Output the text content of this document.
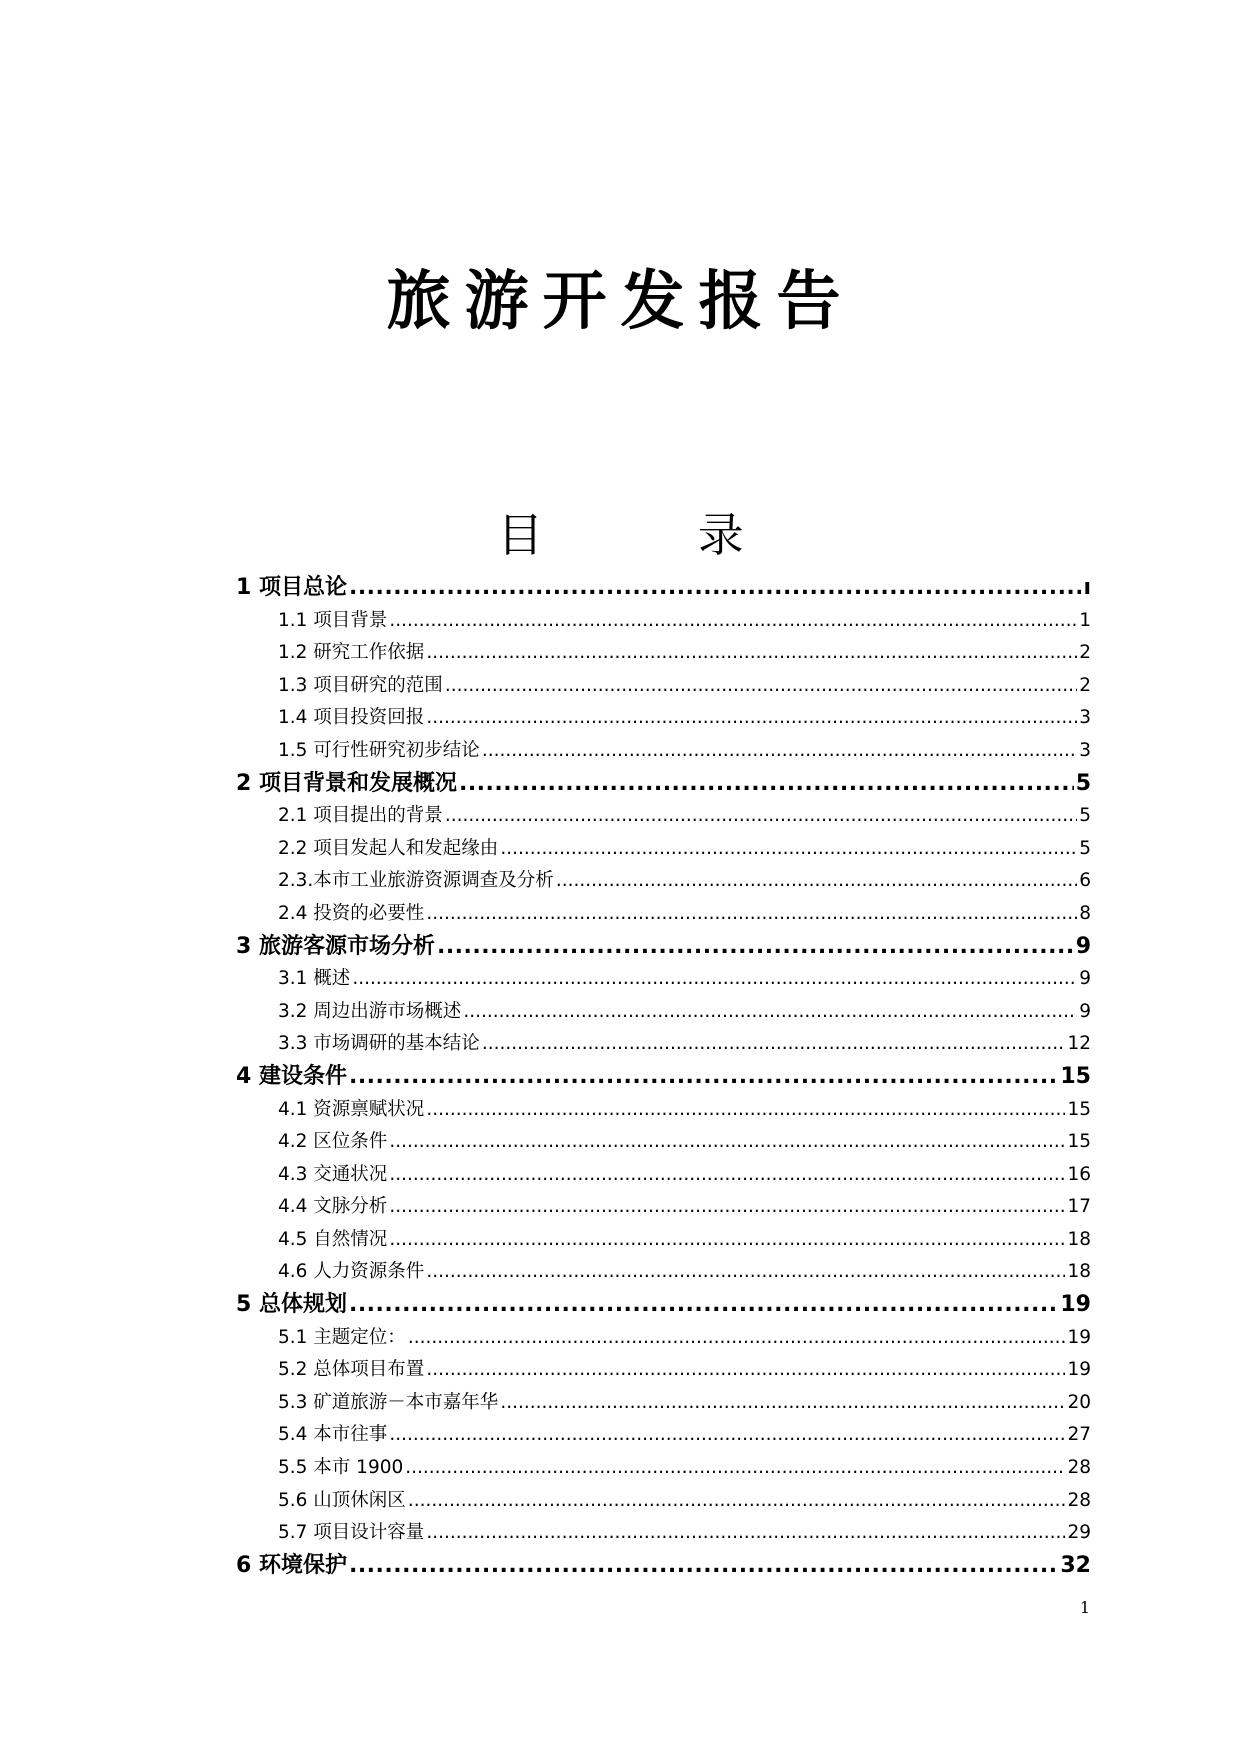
旅游开发报告
目 录
1 项目总论 .....	ı
1.1 项目背景 .....	1
1.2 研究工作依据 .....	2
1.3 项目研究的范围 .....	2
1.4 项目投资回报 .....	3
1.5 可行性研究初步结论 .....	3
2 项目背景和发展概况 .....	5
2.1 项目提出的背景 .....	5
2.2 项目发起人和发起缘由 .....	5
2.3.本市工业旅游资源调查及分析 .....	6
2.4 投资的必要性 .....	8
3 旅游客源市场分析 .....	9
3.1 概述 .....	9
3.2 周边出游市场概述 .....	9
3.3 市场调研的基本结论 .....	12
4 建设条件 .....	15
4.1 资源禀赋状况 .....	15
4.2 区位条件 .....	15
4.3 交通状况 .....	16
4.4 文脉分析 .....	17
4.5 自然情况 .....	18
4.6 人力资源条件 .....	18
5 总体规划 .....	19
5.1 主题定位： .....	19
5.2 总体项目布置 .....	19
5.3 矿道旅游－本市嘉年华 .....	20
5.4 本市往事 .....	27
5.5 本市 1900 .....	28
5.6 山顶休闲区 .....	28
5.7 项目设计容量 .....	29
6 环境保护 .....	32
1
